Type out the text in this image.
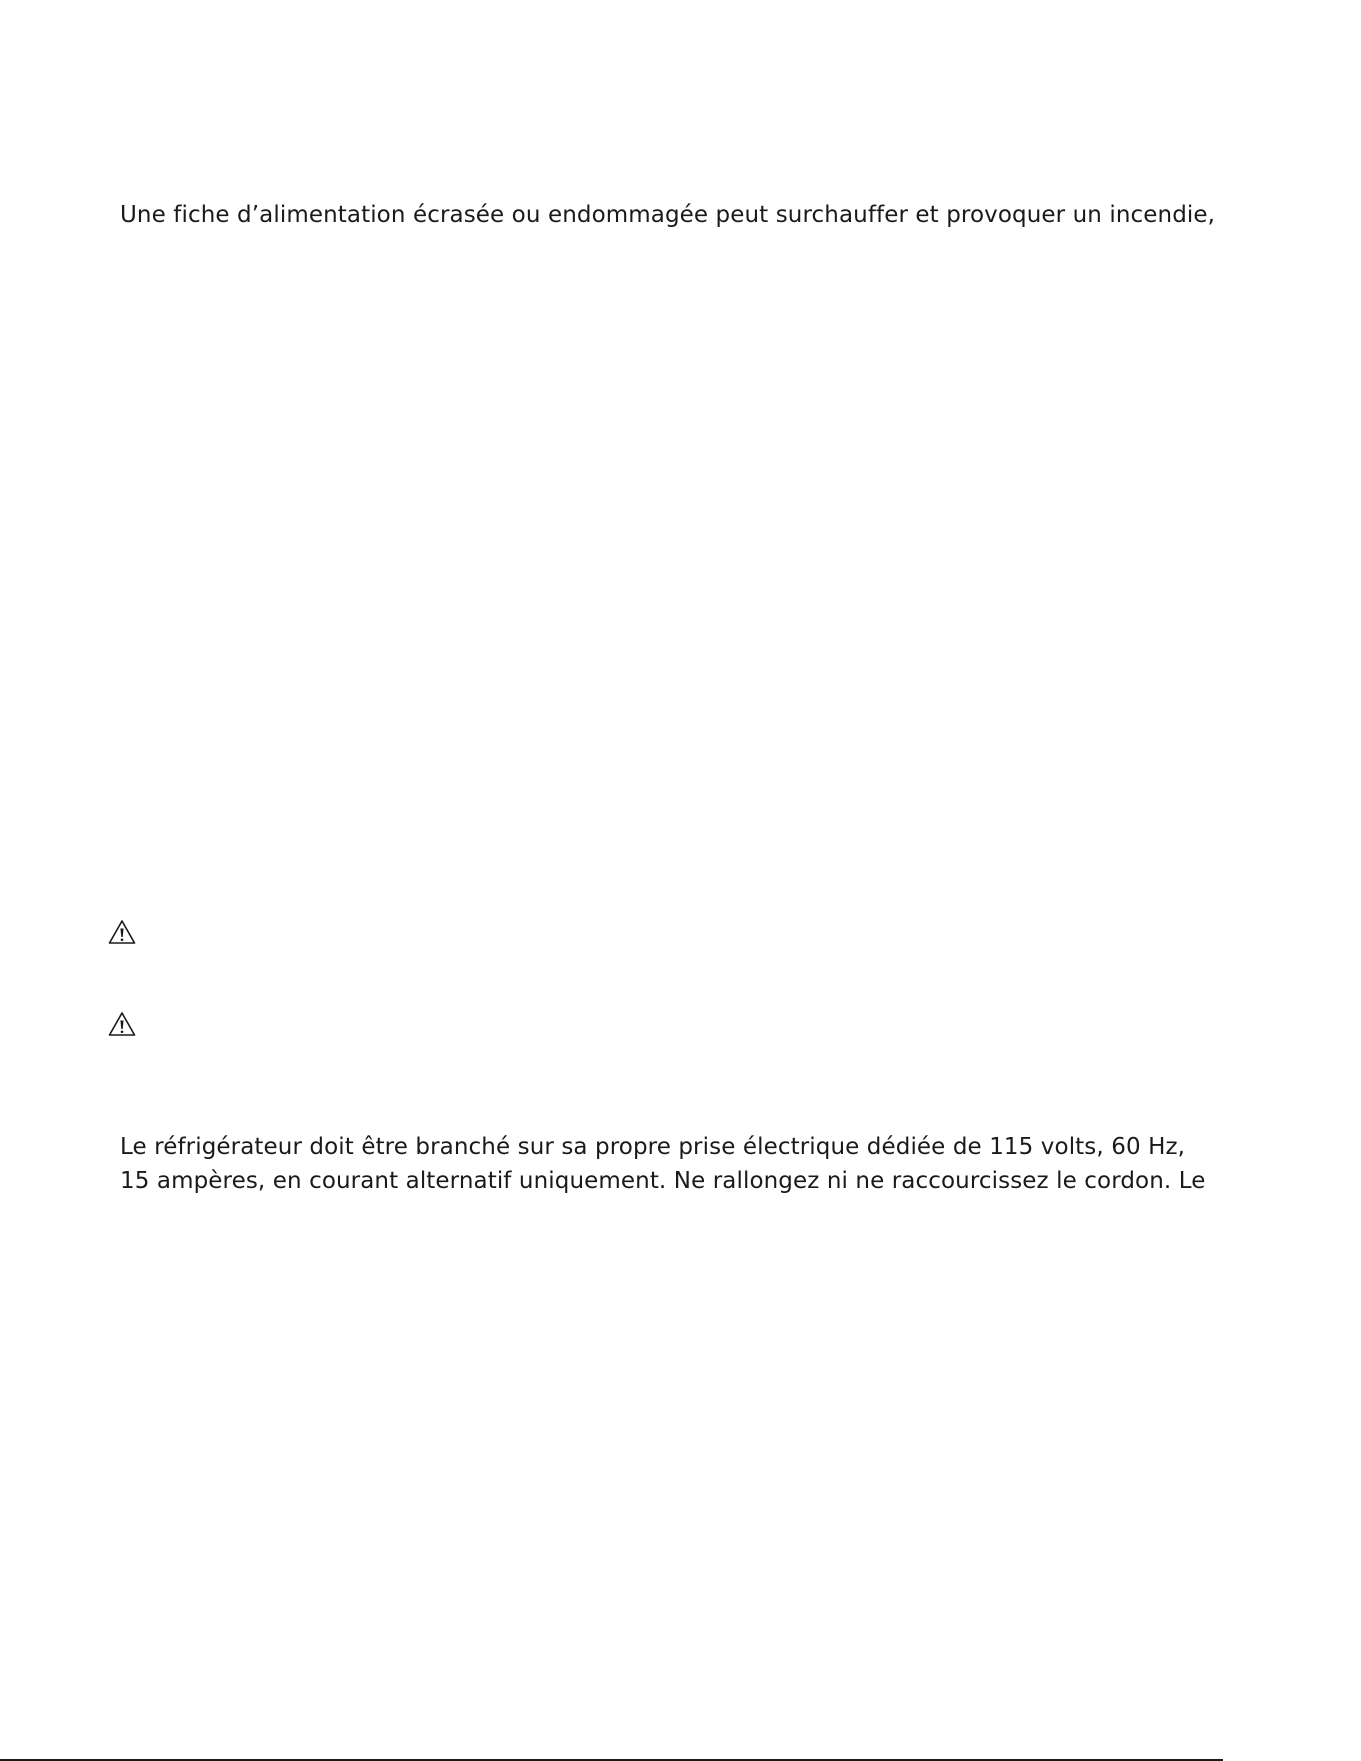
Une fiche d’alimentation écrasée ou endommagée peut surchauffer et provoquer un incendie,
Le réfrigérateur doit être branché sur sa propre prise électrique dédiée de 115 volts, 60 Hz,
15 ampères, en courant alternatif uniquement. Ne rallongez ni ne raccourcissez le cordon. Le
